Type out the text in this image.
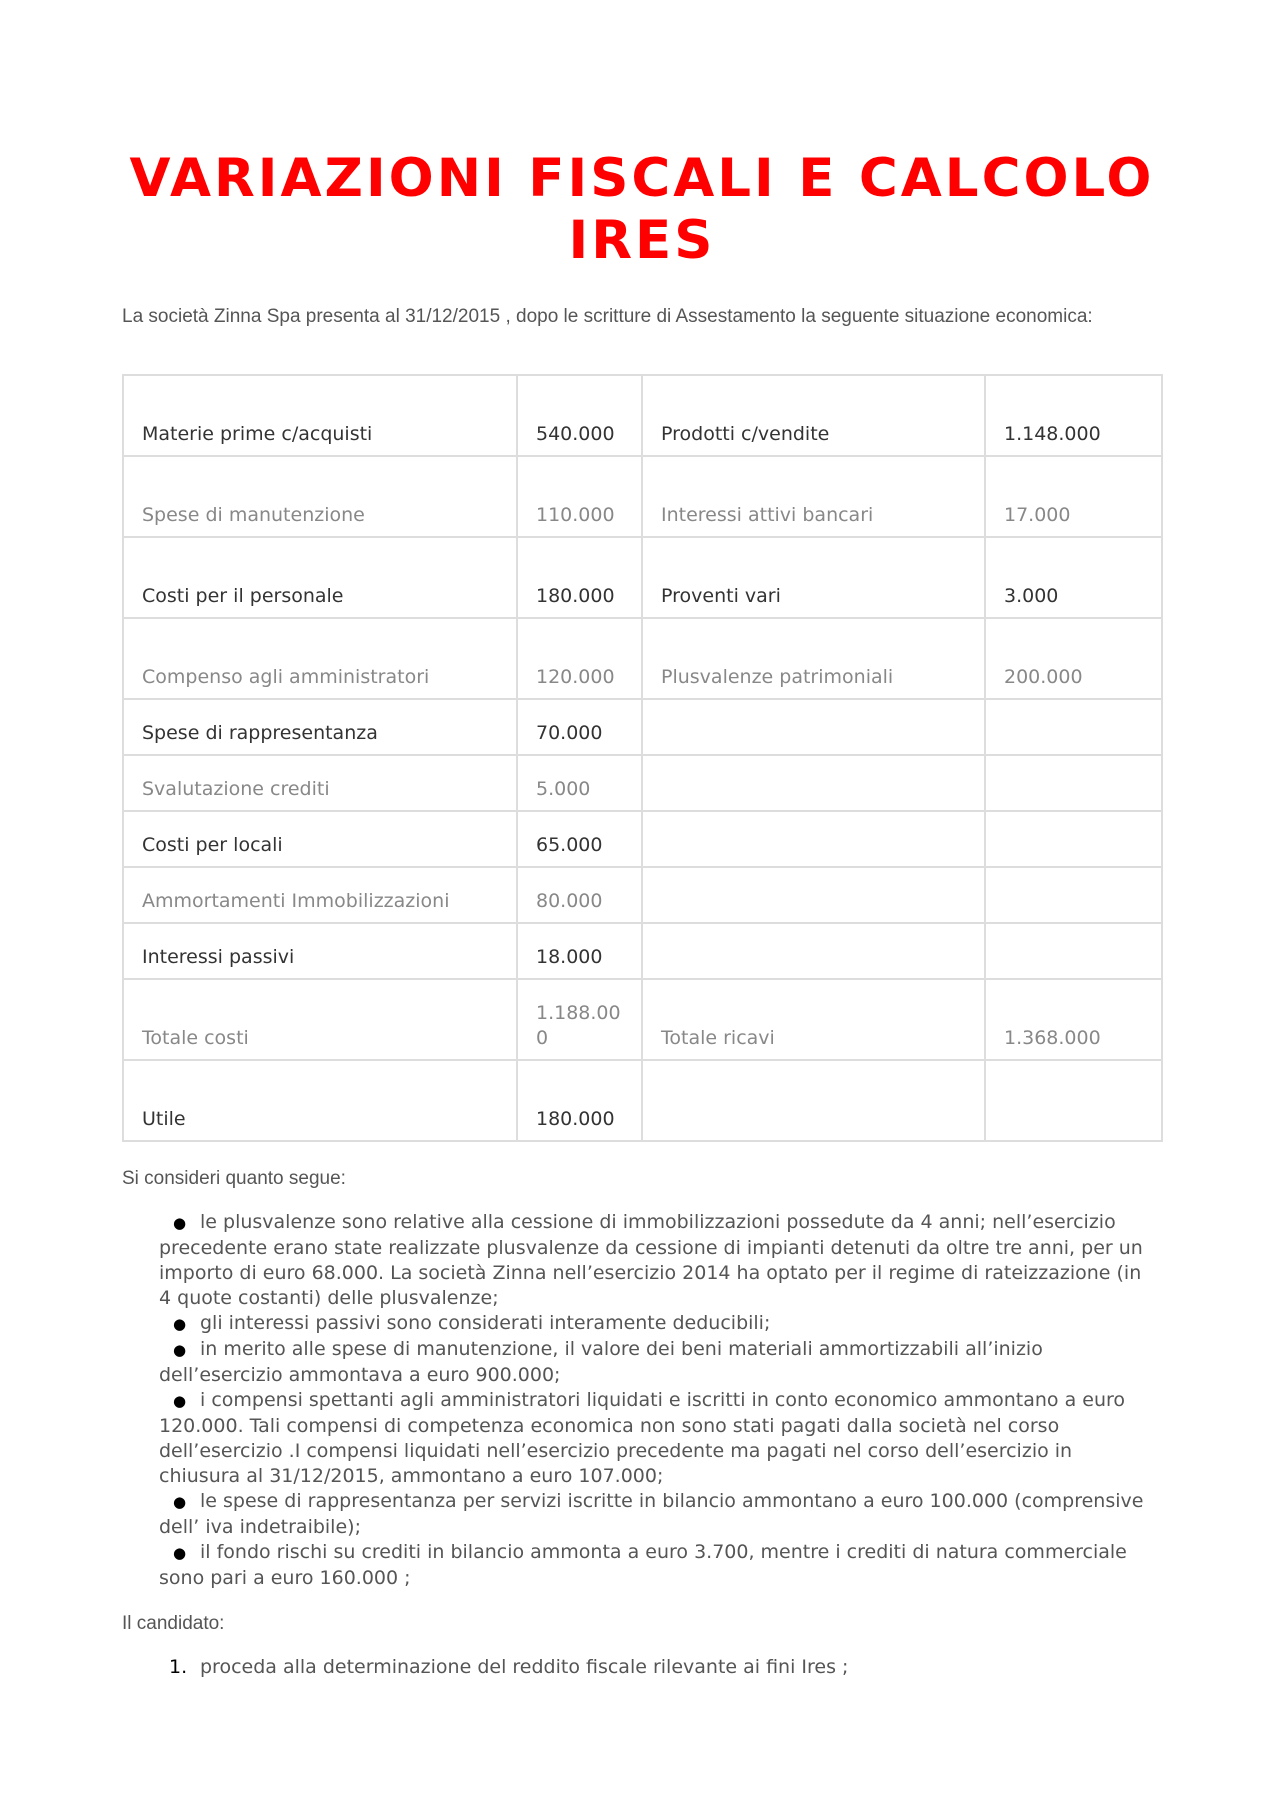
VARIAZIONI FISCALI E CALCOLO IRES

La società Zinna Spa presenta al 31/12/2015 , dopo le scritture di Assestamento la seguente situazione economica:

Materie prime c/acquisti	540.000	Prodotti c/vendite	1.148.000
Spese di manutenzione	110.000	Interessi attivi bancari	17.000
Costi per il personale	180.000	Proventi vari	3.000
Compenso agli amministratori	120.000	Plusvalenze patrimoniali	200.000
Spese di rappresentanza	70.000		
Svalutazione crediti	5.000		
Costi per locali	65.000		
Ammortamenti Immobilizzazioni	80.000		
Interessi passivi	18.000		
Totale costi	1.188.000	Totale ricavi	1.368.000
Utile	180.000		

Si consideri quanto segue:

● le plusvalenze sono relative alla cessione di immobilizzazioni possedute da 4 anni; nell’esercizio precedente erano state realizzate plusvalenze da cessione di impianti detenuti da oltre tre anni, per un importo di euro 68.000. La società Zinna nell’esercizio 2014 ha optato per il regime di rateizzazione (in 4 quote costanti) delle plusvalenze;

● gli interessi passivi sono considerati interamente deducibili;

● in merito alle spese di manutenzione, il valore dei beni materiali ammortizzabili all’inizio dell’esercizio ammontava a euro 900.000;

● i compensi spettanti agli amministratori liquidati e iscritti in conto economico ammontano a euro 120.000. Tali compensi di competenza economica non sono stati pagati dalla società nel corso dell’esercizio .I compensi liquidati nell’esercizio precedente ma pagati nel corso dell’esercizio in chiusura al 31/12/2015, ammontano a euro 107.000;

● le spese di rappresentanza per servizi iscritte in bilancio ammontano a euro 100.000 (comprensive dell’ iva indetraibile);

● il fondo rischi su crediti in bilancio ammonta a euro 3.700, mentre i crediti di natura commerciale sono pari a euro 160.000 ;

Il candidato:

1. proceda alla determinazione del reddito fiscale rilevante ai fini Ires ;
